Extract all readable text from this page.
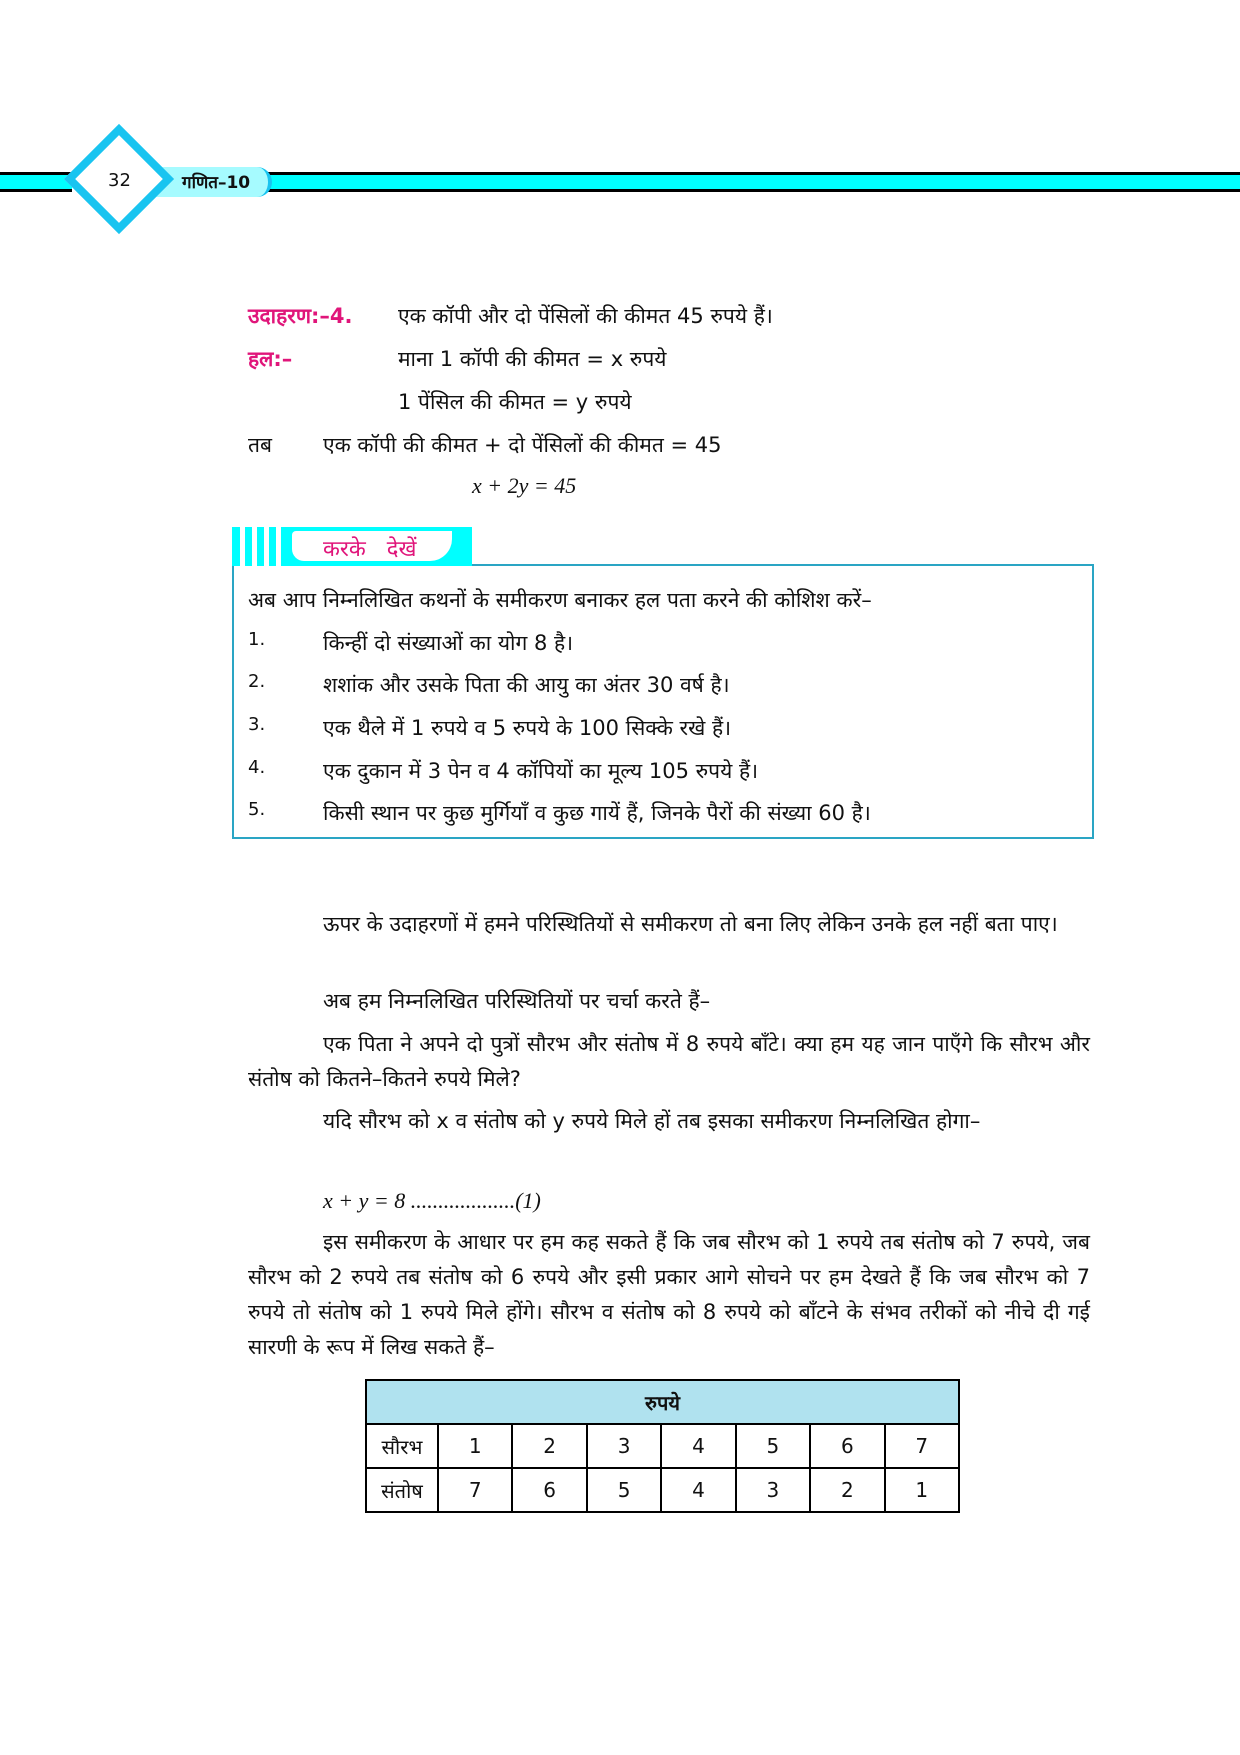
32	गणित–10
उदाहरण:–4. एक कॉपी और दो पेंसिलों की कीमत 45 रुपये हैं।
हल:–	माना 1 कॉपी की कीमत = x रुपये
1 पेंसिल की कीमत = y रुपये
तब एक कॉपी की कीमत + दो पेंसिलों की कीमत = 45
x + 2y = 45
करके   देखें
अब आप निम्नलिखित कथनों के समीकरण बनाकर हल पता करने की कोशिश करें–
1.	किन्हीं दो संख्याओं का योग 8 है।
2.	शशांक और उसके पिता की आयु का अंतर 30 वर्ष है।
3.	एक थैले में 1 रुपये व 5 रुपये के 100 सिक्के रखे हैं।
4.	एक दुकान में 3 पेन व 4 कॉपियों का मूल्य 105 रुपये हैं।
5.	किसी स्थान पर कुछ मुर्गियाँ व कुछ गायें हैं, जिनके पैरों की संख्या 60 है।
ऊपर के उदाहरणों में हमने परिस्थितियों से समीकरण तो बना लिए लेकिन उनके हल नहीं बता पाए।
अब हम निम्नलिखित परिस्थितियों पर चर्चा करते हैं–
एक पिता ने अपने दो पुत्रों सौरभ और संतोष में 8 रुपये बाँटे। क्या हम यह जान पाएँगे कि सौरभ और संतोष को कितने–कितने रुपये मिले?
यदि सौरभ को x व संतोष को y रुपये मिले हों तब इसका समीकरण निम्नलिखित होगा–
x + y = 8 ...................(1)
इस समीकरण के आधार पर हम कह सकते हैं कि जब सौरभ को 1 रुपये तब संतोष को 7 रुपये, जब सौरभ को 2 रुपये तब संतोष को 6 रुपये और इसी प्रकार आगे सोचने पर हम देखते हैं कि जब सौरभ को 7 रुपये तो संतोष को 1 रुपये मिले होंगे। सौरभ व संतोष को 8 रुपये को बाँटने के संभव तरीकों को नीचे दी गई सारणी के रूप में लिख सकते हैं–
रुपये							
सौरभ	1	2	3	4	5	6	7
संतोष	7	6	5	4	3	2	1
